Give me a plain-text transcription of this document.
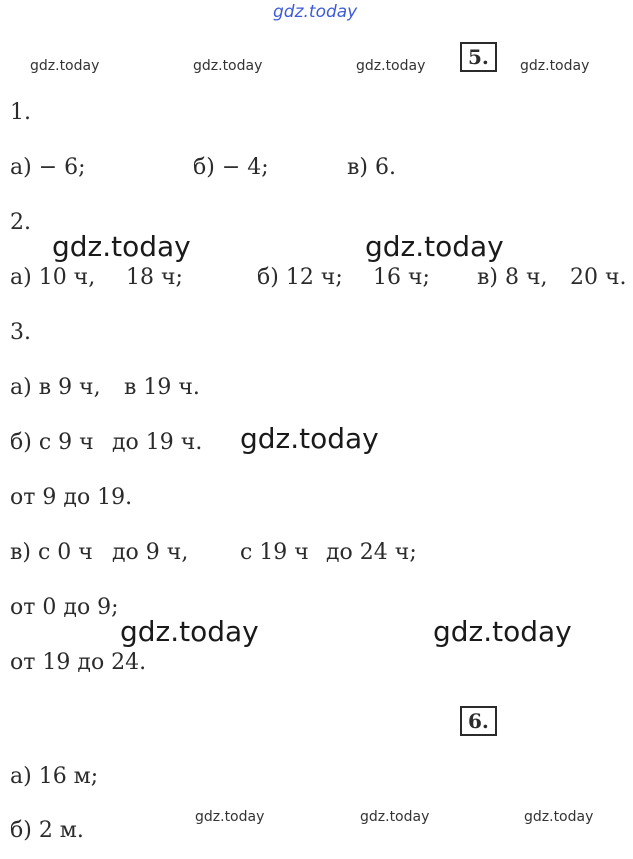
gdz.today
gdz.today	gdz.today	gdz.today	5.	gdz.today
1.
а) − 6;	б) − 4;	в) 6.
2.
gdz.today	gdz.today
а) 10 ч, 18 ч;	б) 12 ч; 16 ч; в) 8 ч, 20 ч.
3.
а) в 9 ч, в 19 ч.
б) с 9 ч до 19 ч. gdz.today
от 9 до 19.
в) с 0 ч до 9 ч, с 19 ч до 24 ч;
от 0 до 9;
gdz.today	gdz.today
от 19 до 24.
6.
а) 16 м;
б) 2 м.
gdz.today	gdz.today	gdz.today
